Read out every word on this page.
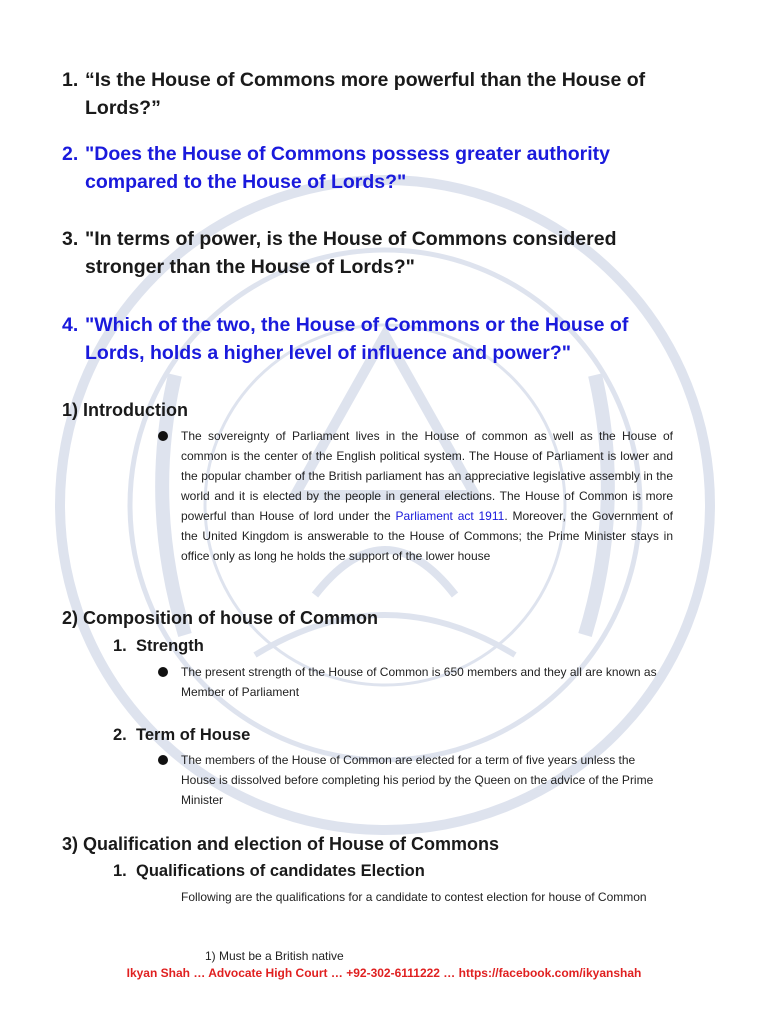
1. “Is the House of Commons more powerful than the House of Lords?”
2. "Does the House of Commons possess greater authority compared to the House of Lords?"
3. "In terms of power, is the House of Commons considered stronger than the House of Lords?"
4. "Which of the two, the House of Commons or the House of Lords, holds a higher level of influence and power?"
1) Introduction
The sovereignty of Parliament lives in the House of common as well as the House of common is the center of the English political system. The House of Parliament is lower and the popular chamber of the British parliament has an appreciative legislative assembly in the world and it is elected by the people in general elections. The House of Common is more powerful than House of lord under the Parliament act 1911. Moreover, the Government of the United Kingdom is answerable to the House of Commons; the Prime Minister stays in office only as long he holds the support of the lower house
2) Composition of house of Common
1. Strength
The present strength of the House of Common is 650 members and they all are known as Member of Parliament
2. Term of House
The members of the House of Common are elected for a term of five years unless the House is dissolved before completing his period by the Queen on the advice of the Prime Minister
3) Qualification and election of House of Commons
1. Qualifications of candidates Election
Following are the qualifications for a candidate to contest election for house of Common
1) Must be a British native
Ikyan Shah … Advocate High Court … +92-302-6111222 … https://facebook.com/ikyanshah
